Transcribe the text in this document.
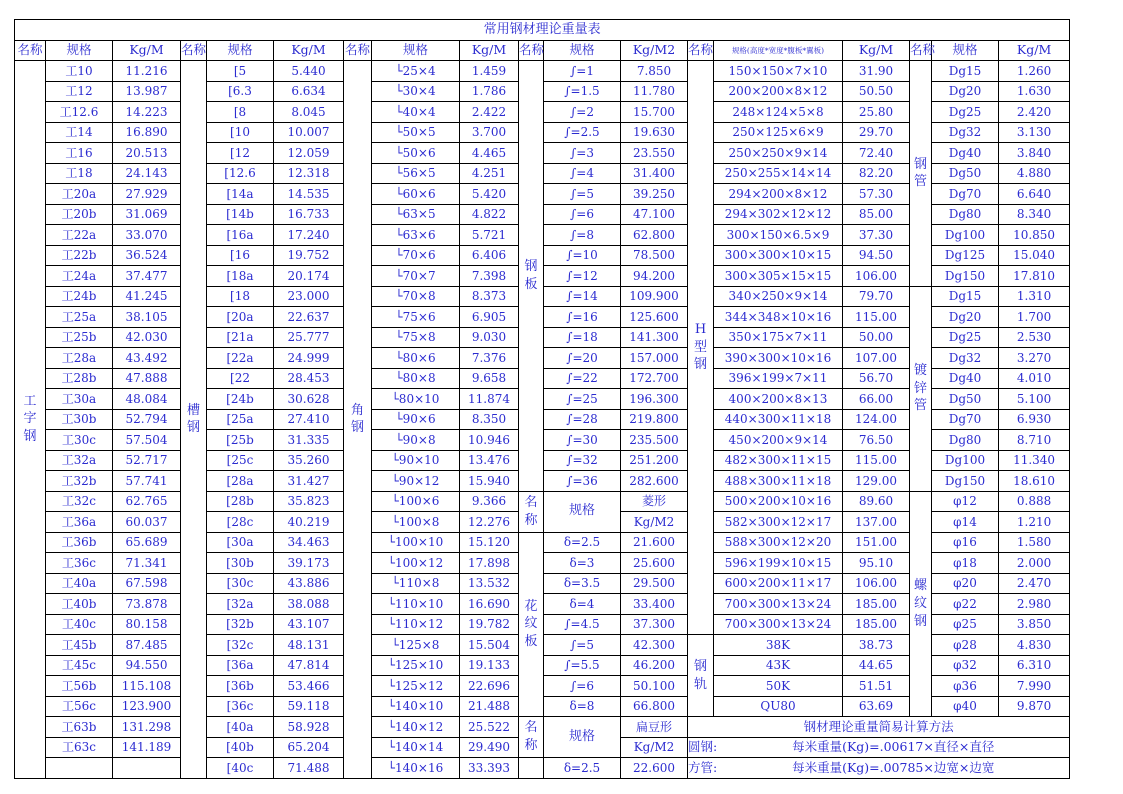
常用钢材理论重量表																	
名称	规格	Kg/M	名称	规格	Kg/M	名称	规格	Kg/M	名称	规格	Kg/M2	名称	规格(高度*宽度*腹板*翼板)	Kg/M	名称	规格	Kg/M
工字钢	工10	11.216	槽钢	[5	5.440	角钢	└25×4	1.459	钢板	∫=1	7.850	H型钢	150×150×7×10	31.90	钢管	Dg15	1.260
	工12	13.987		[6.3	6.634		└30×4	1.786		∫=1.5	11.780		200×200×8×12	50.50		Dg20	1.630
	工12.6	14.223		[8	8.045		└40×4	2.422		∫=2	15.700		248×124×5×8	25.80		Dg25	2.420
	工14	16.890		[10	10.007		└50×5	3.700		∫=2.5	19.630		250×125×6×9	29.70		Dg32	3.130
	工16	20.513		[12	12.059		└50×6	4.465		∫=3	23.550		250×250×9×14	72.40		Dg40	3.840
	工18	24.143		[12.6	12.318		└56×5	4.251		∫=4	31.400		250×255×14×14	82.20		Dg50	4.880
	工20a	27.929		[14a	14.535		└60×6	5.420		∫=5	39.250		294×200×8×12	57.30		Dg70	6.640
	工20b	31.069		[14b	16.733		└63×5	4.822		∫=6	47.100		294×302×12×12	85.00		Dg80	8.340
	工22a	33.070		[16a	17.240		└63×6	5.721		∫=8	62.800		300×150×6.5×9	37.30		Dg100	10.850
	工22b	36.524		[16	19.752		└70×6	6.406		∫=10	78.500		300×300×10×15	94.50		Dg125	15.040
	工24a	37.477		[18a	20.174		└70×7	7.398		∫=12	94.200		300×305×15×15	106.00		Dg150	17.810
	工24b	41.245		[18	23.000		└70×8	8.373		∫=14	109.900		340×250×9×14	79.70	镀锌管	Dg15	1.310
	工25a	38.105		[20a	22.637		└75×6	6.905		∫=16	125.600		344×348×10×16	115.00		Dg20	1.700
	工25b	42.030		[21a	25.777		└75×8	9.030		∫=18	141.300		350×175×7×11	50.00		Dg25	2.530
	工28a	43.492		[22a	24.999		└80×6	7.376		∫=20	157.000		390×300×10×16	107.00		Dg32	3.270
	工28b	47.888		[22	28.453		└80×8	9.658		∫=22	172.700		396×199×7×11	56.70		Dg40	4.010
	工30a	48.084		[24b	30.628		└80×10	11.874		∫=25	196.300		400×200×8×13	66.00		Dg50	5.100
	工30b	52.794		[25a	27.410		└90×6	8.350		∫=28	219.800		440×300×11×18	124.00		Dg70	6.930
	工30c	57.504		[25b	31.335		└90×8	10.946		∫=30	235.500		450×200×9×14	76.50		Dg80	8.710
	工32a	52.717		[25c	35.260		└90×10	13.476		∫=32	251.200		482×300×11×15	115.00		Dg100	11.340
	工32b	57.741		[28a	31.427		└90×12	15.940		∫=36	282.600		488×300×11×18	129.00		Dg150	18.610
	工32c	62.765		[28b	35.823		└100×6	9.366	名称	规格	菱形		500×200×10×16	89.60	螺纹钢	φ12	0.888
	工36a	60.037		[28c	40.219		└100×8	12.276			Kg/M2		582×300×12×17	137.00		φ14	1.210
	工36b	65.689		[30a	34.463		└100×10	15.120	花纹板	δ=2.5	21.600		588×300×12×20	151.00		φ16	1.580
	工36c	71.341		[30b	39.173		└100×12	17.898		δ=3	25.600		596×199×10×15	95.10		φ18	2.000
	工40a	67.598		[30c	43.886		└110×8	13.532		δ=3.5	29.500		600×200×11×17	106.00		φ20	2.470
	工40b	73.878		[32a	38.088		└110×10	16.690		δ=4	33.400		700×300×13×24	185.00		φ22	2.980
	工40c	80.158		[32b	43.107		└110×12	19.782		∫=4.5	37.300		700×300×13×24	185.00		φ25	3.850
	工45b	87.485		[32c	48.131		└125×8	15.504		∫=5	42.300	钢轨	38K	38.73		φ28	4.830
	工45c	94.550		[36a	47.814		└125×10	19.133		∫=5.5	46.200		43K	44.65		φ32	6.310
	工56b	115.108		[36b	53.466		└125×12	22.696		∫=6	50.100		50K	51.51		φ36	7.990
	工56c	123.900		[36c	59.118		└140×10	21.488		δ=8	66.800		QU80	63.69		φ40	9.870
	工63b	131.298		[40a	58.928		└140×12	25.522	名称	规格	扁豆形	钢材理论重量简易计算方法					
	工63c	141.189		[40b	65.204		└140×14	29.490			Kg/M2	圆钢: 每米重量(Kg)=.00617×直径×直径					
				[40c	71.488		└140×16	33.393		δ=2.5	22.600	方管: 每米重量(Kg)=.00785×边宽×边宽					
